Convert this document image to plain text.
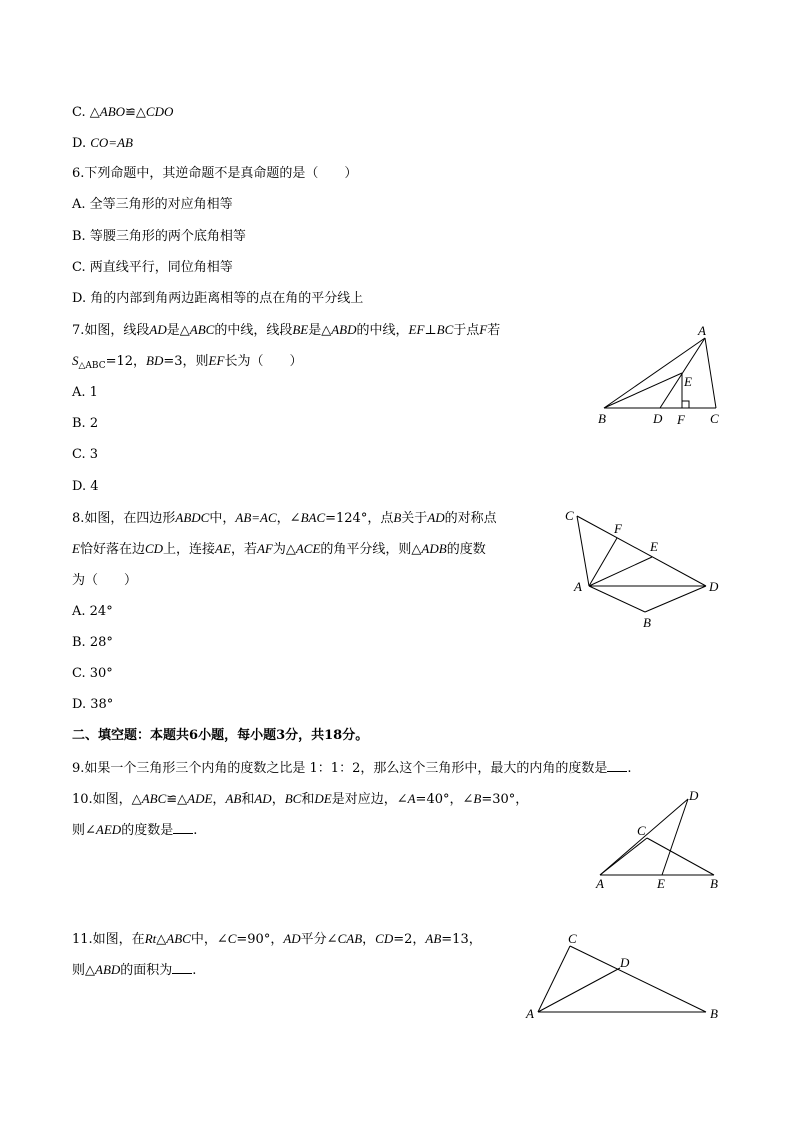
C. △ABO≌△CDO
D. CO=AB
6.下列命题中，其逆命题不是真命题的是（　　）
A. 全等三角形的对应角相等
B. 等腰三角形的两个底角相等
C. 两直线平行，同位角相等
D. 角的内部到角两边距离相等的点在角的平分线上
7.如图，线段AD是△ABC的中线，线段BE是△ABD的中线，EF⊥BC于点F若
$S_{\triangle ABC}=12$，BD=3，则EF长为（　　）
A. 1
B. 2
C. 3
D. 4
A
B	C
D
E
F
8.如图，在四边形ABDC中，AB=AC，∠BAC=124°，点B关于AD的对称点
E恰好落在边CD上，连接AE，若AF为△ACE的角平分线，则△ADB的度数
为（　　）
A. 24°
B. 28°
C. 30°
D. 38°
C
F
E
A	D
B
二、填空题：本题共6小题，每小题3分，共18分。
9.如果一个三角形三个内角的度数之比是 1：1：2，那么这个三角形中，最大的内角的度数是 .
10.如图，△ABC≌△ADE，AB和AD，BC和DE是对应边，∠A=40°，∠B=30°，
则∠AED的度数是 .
D
C
A	E	B
11.如图，在Rt△ABC中，∠C=90°，AD平分∠CAB，CD=2，AB=13，
则△ABD的面积为 .
C
D
A	B
